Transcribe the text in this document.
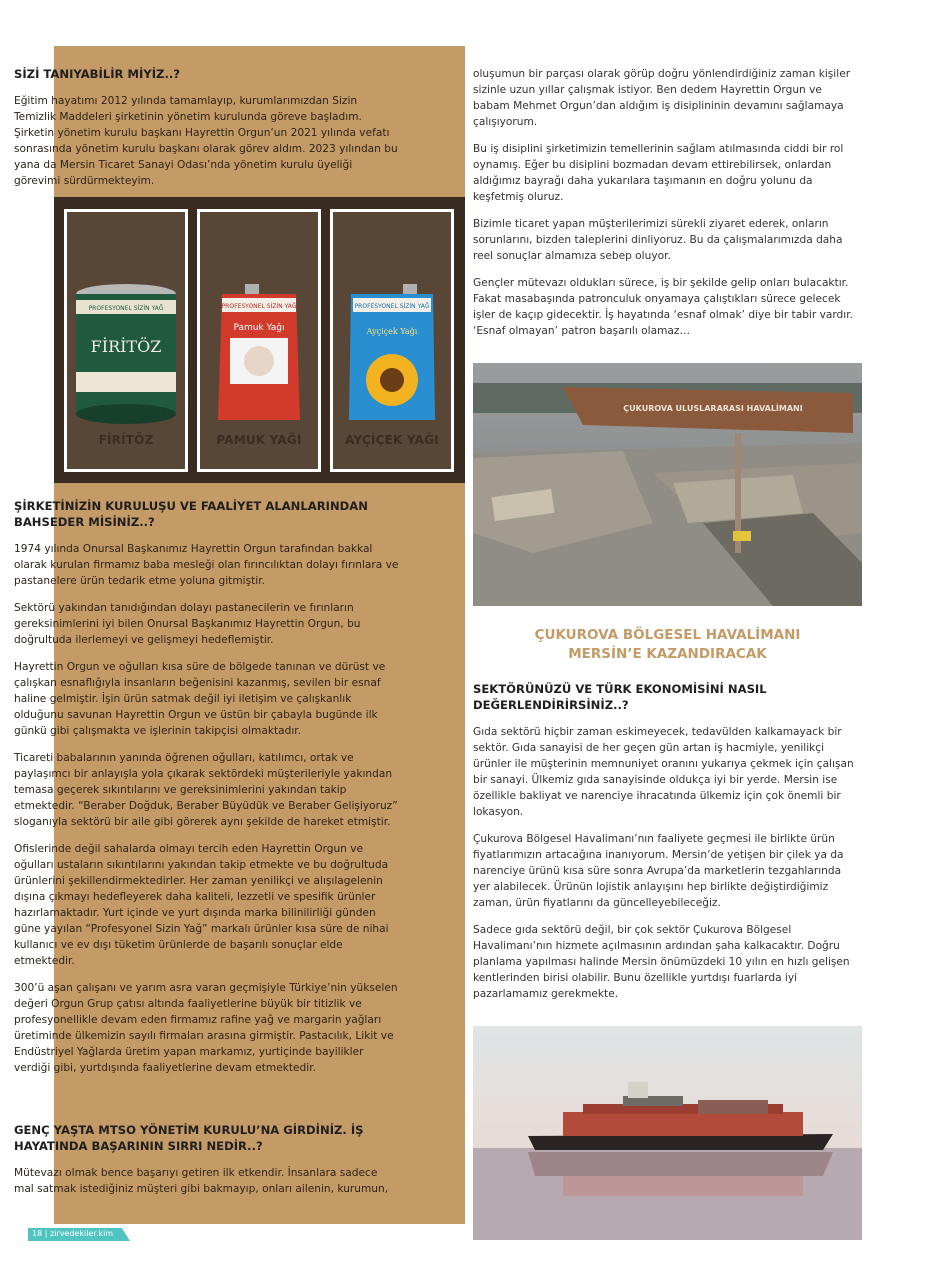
SİZİ TANIYABİLİR MİYİZ..?

Eğitim hayatımı 2012 yılında tamamlayıp, kurumlarımızdan Sizin Temizlik Maddeleri şirketinin yönetim kurulunda göreve başladım. Şirketin yönetim kurulu başkanı Hayrettin Orgun’un 2021 yılında vefatı sonrasında yönetim kurulu başkanı olarak görev aldım. 2023 yılından bu yana da Mersin Ticaret Sanayi Odası’nda yönetim kurulu üyeliği görevimi sürdürmekteyim.

PROFESYONEL SİZİN YAĞ
FİRİTÖZ
FİRİTÖZ
PROFESYONEL SİZİN YAĞ
Pamuk Yağı
PAMUK YAĞI
PROFESYONEL SİZİN YAĞ
Ayçiçek Yağı
AYÇİÇEK YAĞI
ŞİRKETİNİZİN KURULUŞU VE FAALİYET ALANLARINDAN BAHSEDER MİSİNİZ..?

1974 yılında Onursal Başkanımız Hayrettin Orgun tarafından bakkal olarak kurulan firmamız baba mesleği olan fırıncılıktan dolayı fırınlara ve pastanelere ürün tedarik etme yoluna gitmiştir.

Sektörü yakından tanıdığından dolayı pastanecilerin ve fırınların gereksinimlerini iyi bilen Onursal Başkanımız Hayrettin Orgun, bu doğrultuda ilerlemeyi ve gelişmeyi hedeflemiştir.

Hayrettin Orgun ve oğulları kısa süre de bölgede tanınan ve dürüst ve çalışkan esnaflığıyla insanların beğenisini kazanmış, sevilen bir esnaf haline gelmiştir. İşin ürün satmak değil iyi iletişim ve çalışkanlık olduğunu savunan Hayrettin Orgun ve üstün bir çabayla bugünde ilk günkü gibi çalışmakta ve işlerinin takipçisi olmaktadır.

Ticareti babalarının yanında öğrenen oğulları, katılımcı, ortak ve paylaşımcı bir anlayışla yola çıkarak sektördeki müşterileriyle yakından temasa geçerek sıkıntılarını ve gereksinimlerini yakından takip etmektedir. “Beraber Doğduk, Beraber Büyüdük ve Beraber Gelişiyoruz” sloganıyla sektörü bir aile gibi görerek aynı şekilde de hareket etmiştir.

Ofislerinde değil sahalarda olmayı tercih eden Hayrettin Orgun ve oğulları ustaların sıkıntılarını yakından takip etmekte ve bu doğrultuda ürünlerini şekillendirmektedirler. Her zaman yenilikçi ve alışılagelenin dışına çıkmayı hedefleyerek daha kaliteli, lezzetli ve spesifik ürünler hazırlamaktadır. Yurt içinde ve yurt dışında marka bilinilirliği günden güne yayılan “Profesyonel Sizin Yağ” markalı ürünler kısa süre de nihai kullanıcı ve ev dışı tüketim ürünlerde de başarılı sonuçlar elde etmektedir.

300’ü aşan çalışanı ve yarım asra varan geçmişiyle Türkiye’nin yükselen değeri Orgun Grup çatısı altında faaliyetlerine büyük bir titizlik ve profesyonellikle devam eden firmamız rafine yağ ve margarin yağları üretiminde ülkemizin sayılı firmaları arasına girmiştir. Pastacılık, Likit ve Endüstriyel Yağlarda üretim yapan markamız, yurtiçinde bayilikler verdiği gibi, yurtdışında faaliyetlerine devam etmektedir.

GENÇ YAŞTA MTSO YÖNETİM KURULU’NA GİRDİNİZ. İŞ HAYATINDA BAŞARININ SIRRI NEDİR..?

Mütevazı olmak bence başarıyı getiren ilk etkendir. İnsanlara sadece mal satmak istediğiniz müşteri gibi bakmayıp, onları ailenin, kurumun,

oluşumun bir parçası olarak görüp doğru yönlendirdiğiniz zaman kişiler sizinle uzun yıllar çalışmak istiyor. Ben dedem Hayrettin Orgun ve babam Mehmet Orgun’dan aldığım iş disiplininin devamını sağlamaya çalışıyorum.

Bu iş disiplini şirketimizin temellerinin sağlam atılmasında ciddi bir rol oynamış. Eğer bu disiplini bozmadan devam ettirebilirsek, onlardan aldığımız bayrağı daha yukarılara taşımanın en doğru yolunu da keşfetmiş oluruz.

Bizimle ticaret yapan müşterilerimizi sürekli ziyaret ederek, onların sorunlarını, bizden taleplerini dinliyoruz. Bu da çalışmalarımızda daha reel sonuçlar almamıza sebep oluyor.

Gençler mütevazı oldukları sürece, iş bir şekilde gelip onları bulacaktır. Fakat masabaşında patronculuk onyamaya çalıştıkları sürece gelecek işler de kaçıp gidecektir. İş hayatında ‘esnaf olmak’ diye bir tabir vardır. ‘Esnaf olmayan’ patron başarılı olamaz…

ÇUKUROVA ULUSLARARASI HAVALİMANI
ÇUKUROVA BÖLGESEL HAVALİMANI
MERSİN’E KAZANDIRACAK
SEKTÖRÜNÜZÜ VE TÜRK EKONOMİSİNİ NASIL DEĞERLENDİRİRSİNİZ..?

Gıda sektörü hiçbir zaman eskimeyecek, tedavülden kalkamayack bir sektör. Gıda sanayisi de her geçen gün artan iş hacmiyle, yenilikçi ürünler ile müşterinin memnuniyet oranını yukarıya çekmek için çalışan bir sanayi. Ülkemiz gıda sanayisinde oldukça iyi bir yerde. Mersin ise özellikle bakliyat ve narenciye ihracatında ülkemiz için çok önemli bir lokasyon.

Çukurova Bölgesel Havalimanı’nın faaliyete geçmesi ile birlikte ürün fiyatlarımızın artacağına inanıyorum. Mersin’de yetişen bir çilek ya da narenciye ürünü kısa süre sonra Avrupa’da marketlerin tezgahlarında yer alabilecek. Ürünün lojistik anlayışını hep birlikte değiştirdiğimiz zaman, ürün fiyatlarını da güncelleyebileceğiz.

Sadece gıda sektörü değil, bir çok sektör Çukurova Bölgesel Havalimanı’nın hizmete açılmasının ardından şaha kalkacaktır. Doğru planlama yapılması halinde Mersin önümüzdeki 10 yılın en hızlı gelişen kentlerinden birisi olabilir. Bunu özellikle yurtdışı fuarlarda iyi pazarlamamız gerekmekte.

18 | zirvedekiler.kim
